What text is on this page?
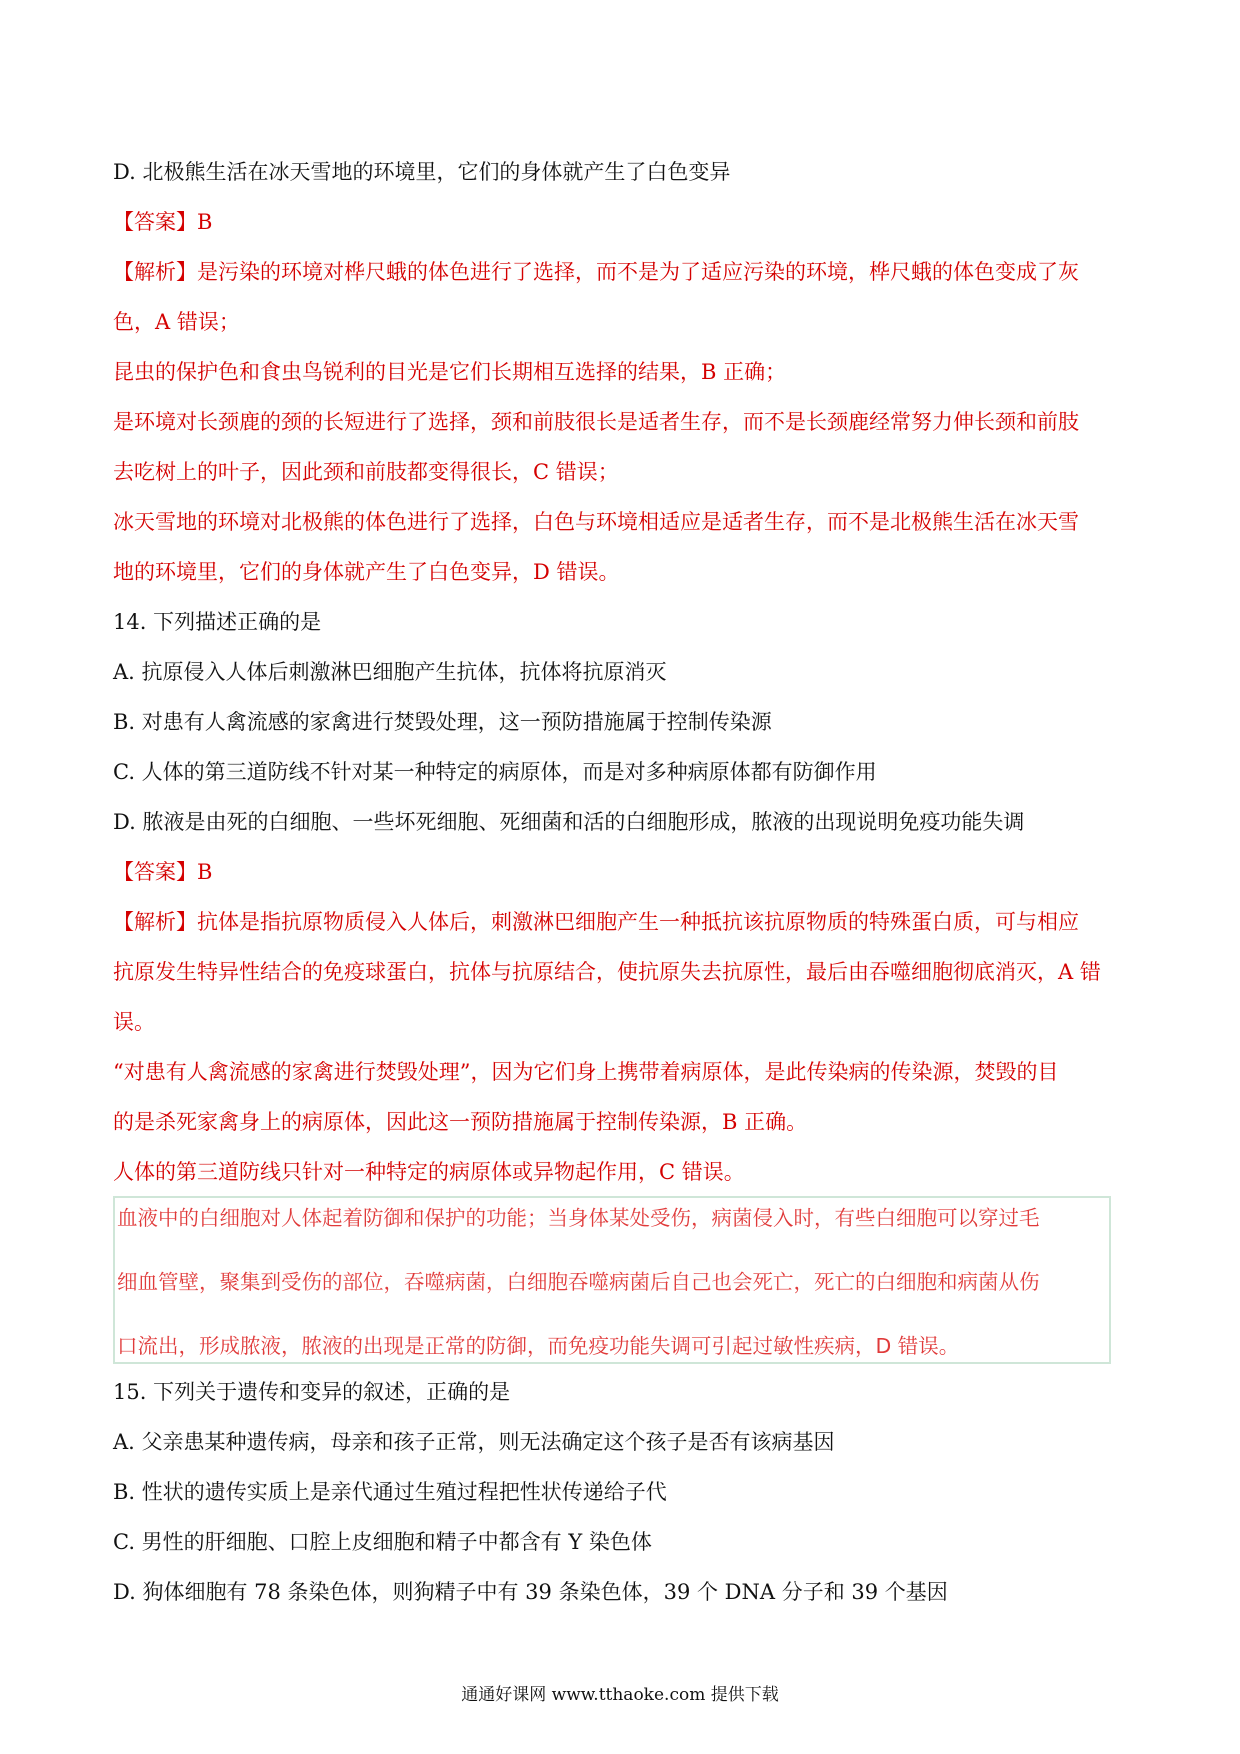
D. 北极熊生活在冰天雪地的环境里，它们的身体就产生了白色变异
【答案】B
【解析】是污染的环境对桦尺蛾的体色进行了选择，而不是为了适应污染的环境，桦尺蛾的体色变成了灰
色，A 错误；
昆虫的保护色和食虫鸟锐利的目光是它们长期相互选择的结果，B 正确；
是环境对长颈鹿的颈的长短进行了选择，颈和前肢很长是适者生存，而不是长颈鹿经常努力伸长颈和前肢
去吃树上的叶子，因此颈和前肢都变得很长，C 错误；
冰天雪地的环境对北极熊的体色进行了选择，白色与环境相适应是适者生存，而不是北极熊生活在冰天雪
地的环境里，它们的身体就产生了白色变异，D 错误。
14. 下列描述正确的是
A. 抗原侵入人体后刺激淋巴细胞产生抗体，抗体将抗原消灭
B. 对患有人禽流感的家禽进行焚毁处理，这一预防措施属于控制传染源
C. 人体的第三道防线不针对某一种特定的病原体，而是对多种病原体都有防御作用
D. 脓液是由死的白细胞、一些坏死细胞、死细菌和活的白细胞形成，脓液的出现说明免疫功能失调
【答案】B
【解析】抗体是指抗原物质侵入人体后，刺激淋巴细胞产生一种抵抗该抗原物质的特殊蛋白质，可与相应
抗原发生特异性结合的免疫球蛋白，抗体与抗原结合，使抗原失去抗原性，最后由吞噬细胞彻底消灭，A 错
误。
“对患有人禽流感的家禽进行焚毁处理”，因为它们身上携带着病原体，是此传染病的传染源，焚毁的目
的是杀死家禽身上的病原体，因此这一预防措施属于控制传染源，B 正确。
人体的第三道防线只针对一种特定的病原体或异物起作用，C 错误。
血液中的白细胞对人体起着防御和保护的功能；当身体某处受伤，病菌侵入时，有些白细胞可以穿过毛
细血管壁，聚集到受伤的部位，吞噬病菌，白细胞吞噬病菌后自己也会死亡，死亡的白细胞和病菌从伤
口流出，形成脓液，脓液的出现是正常的防御，而免疫功能失调可引起过敏性疾病，D 错误。
15. 下列关于遗传和变异的叙述，正确的是
A. 父亲患某种遗传病，母亲和孩子正常，则无法确定这个孩子是否有该病基因
B. 性状的遗传实质上是亲代通过生殖过程把性状传递给子代
C. 男性的肝细胞、口腔上皮细胞和精子中都含有 Y 染色体
D. 狗体细胞有 78 条染色体，则狗精子中有 39 条染色体，39 个 DNA 分子和 39 个基因
通通好课网 www.tthaoke.com 提供下载
